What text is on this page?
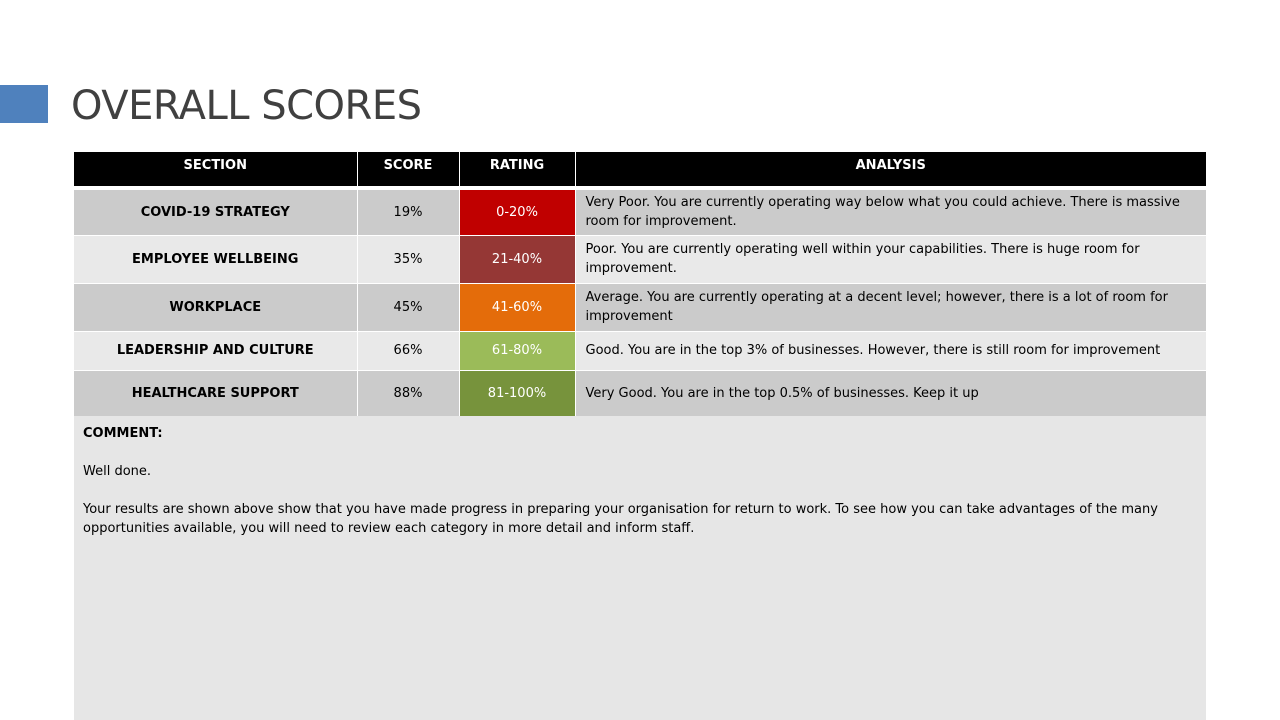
OVERALL SCORES
SECTION	SCORE	RATING	ANALYSIS
COVID-19 STRATEGY	19%	0-20%	Very Poor. You are currently operating way below what you could achieve. There is massive room for improvement.
EMPLOYEE WELLBEING	35%	21-40%	Poor. You are currently operating well within your capabilities. There is huge room for improvement.
WORKPLACE	45%	41-60%	Average. You are currently operating at a decent level; however, there is a lot of room for improvement
LEADERSHIP AND CULTURE	66%	61-80%	Good. You are in the top 3% of businesses. However, there is still room for improvement
HEALTHCARE SUPPORT	88%	81-100%	Very Good. You are in the top 0.5% of businesses. Keep it up

COMMENT:

Well done.

Your results are shown above show that you have made progress in preparing your organisation for return to work. To see how you can take advantages of the many opportunities available, you will need to review each category in more detail and inform staff.
